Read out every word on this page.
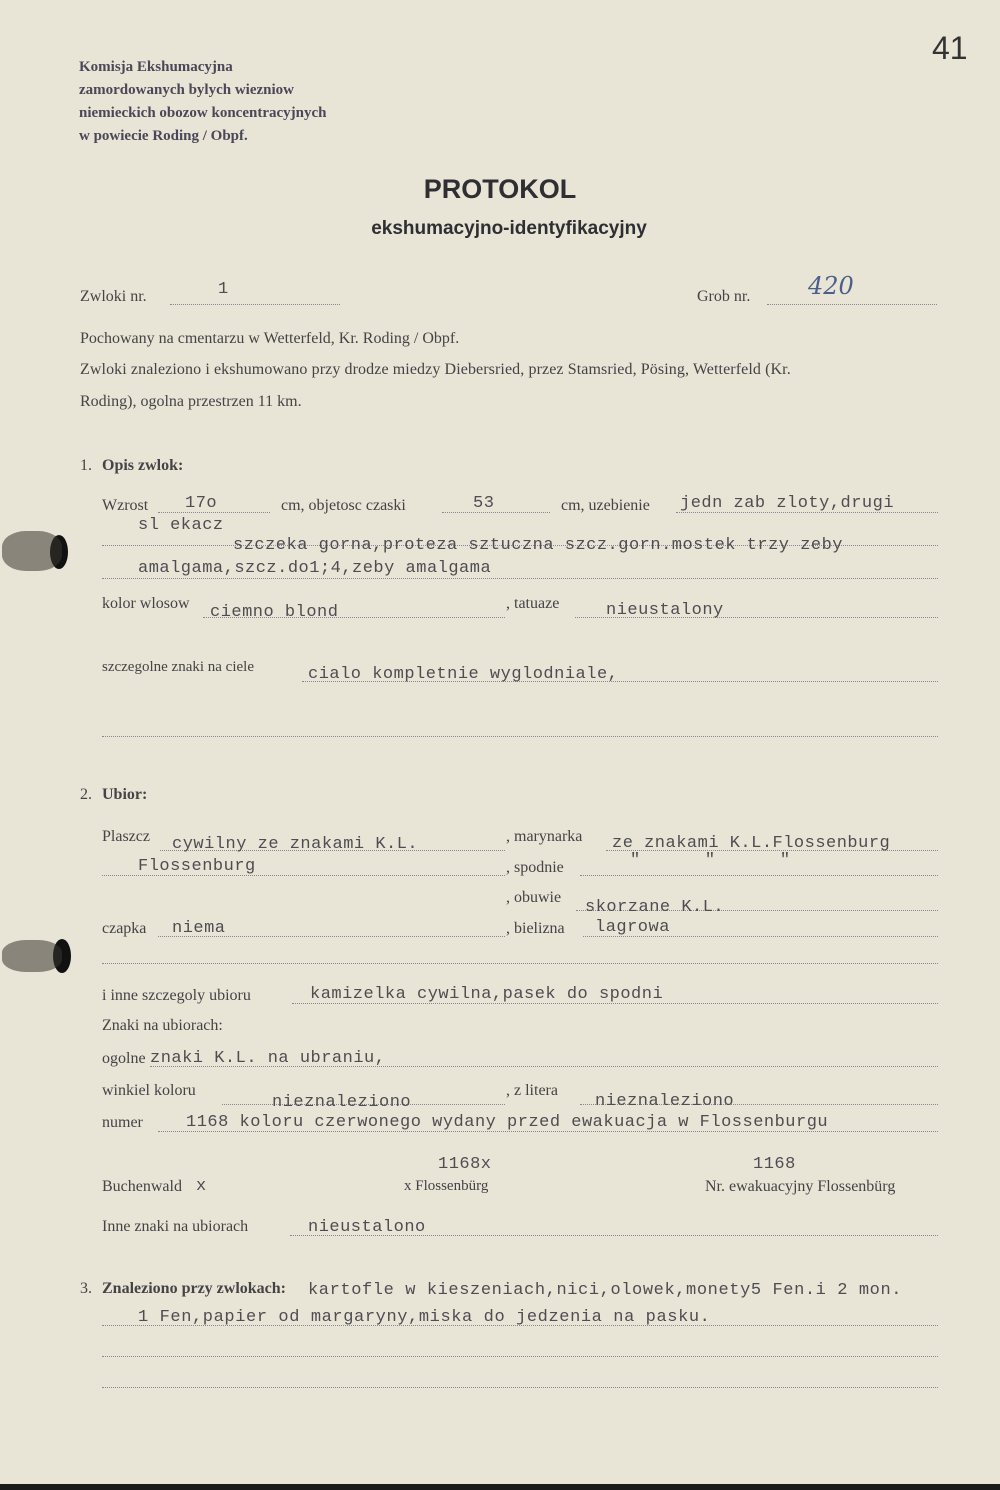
41
Komisja Ekshumacyjna
zamordowanych bylych wiezniow
niemieckich obozow koncentracyjnych
w powiecie Roding / Obpf.
PROTOKOL
ekshumacyjno-identyfikacyjny
Zwloki nr.	1	Grob nr. 420
Pochowany na cmentarzu w Wetterfeld, Kr. Roding / Obpf.
Zwloki znaleziono i ekshumowano przy drodze miedzy Diebersried, przez Stamsried, Pösing, Wetterfeld (Kr.
Roding), ogolna przestrzen 11 km.
1. Opis zwlok:
Wzrost 17o	cm, objetosc czaski	53	cm, uzebienie jedn zab zloty,drugi
sl ekacz
szczeka gorna,proteza sztuczna szcz.gorn.mostek trzy zeby
amalgama,szcz.do1;4,zeby amalgama
kolor wlosow ciemno blond	, tatuaze	nieustalony
szczegolne znaki na ciele	cialo kompletnie wyglodniale,
2. Ubior:
Plaszcz cywilny ze znakami K.L.	, marynarka ze znakami K.L.Flossenburg
Flossenburg	, spodnie	"      "      "
, obuwie
skorzane K.L.
czapka niema	, bielizna lagrowa
i inne szczegoly ubioru	kamizelka cywilna,pasek do spodni
Znaki na ubiorach:
ogolne znaki K.L. na ubraniu,
winkiel koloru
nieznaleziono
, z litera
nieznaleziono
numer	1168 koloru czerwonego wydany przed ewakuacja w Flossenburgu
1168x	1168
Buchenwald x	x Flossenbürg	Nr. ewakuacyjny Flossenbürg
Inne znaki na ubiorach	nieustalono
3. Znaleziono przy zwlokach: kartofle w kieszeniach,nici,olowek,monety5 Fen.i 2 mon.
1 Fen,papier od margaryny,miska do jedzenia na pasku.
